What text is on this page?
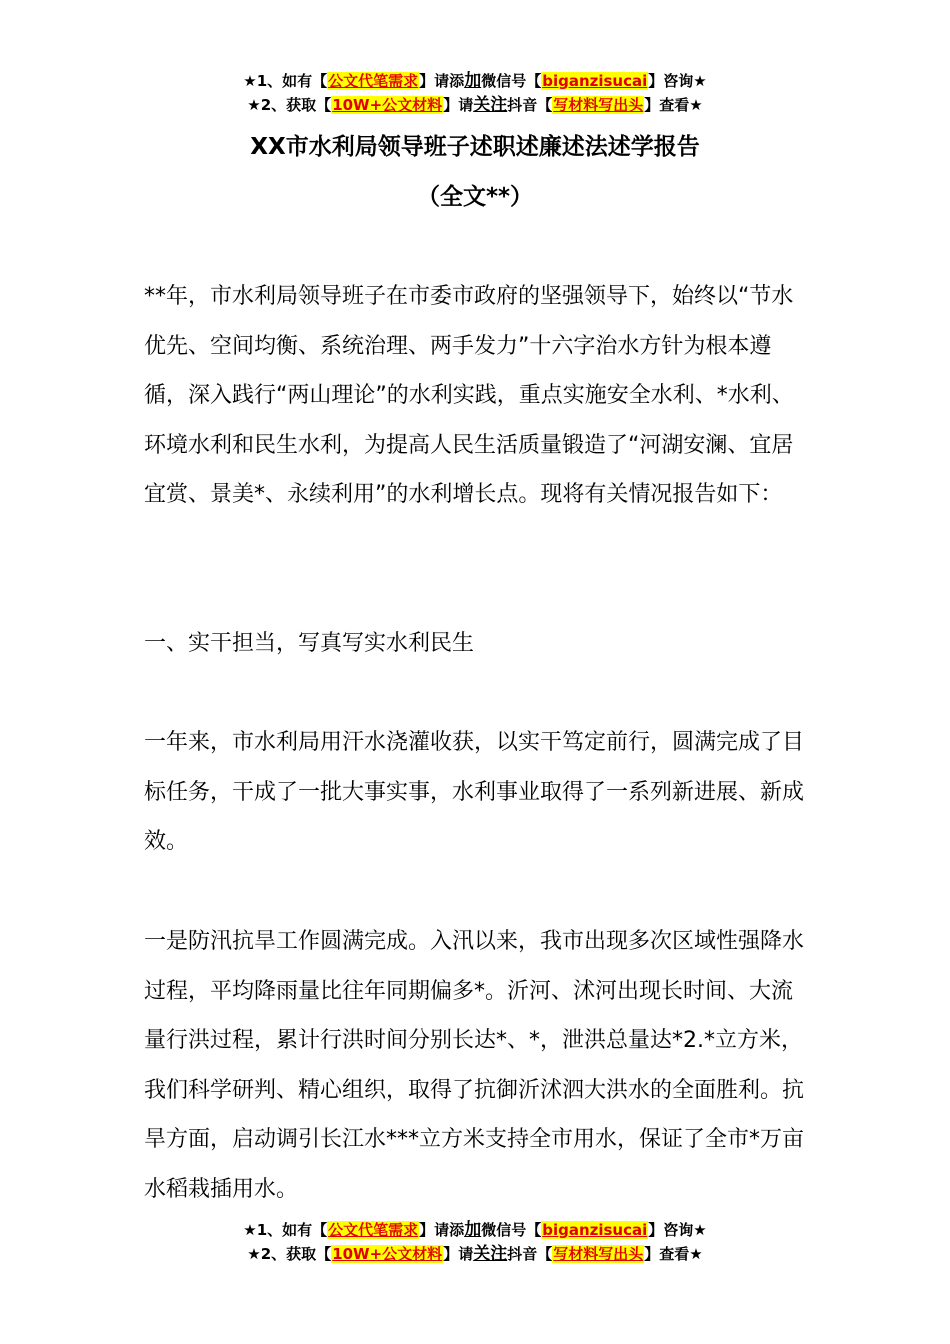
★1、如有【公文代笔需求】请添加微信号【biganzisucai】咨询★
★2、获取【10W+公文材料】请关注抖音【写材料写出头】查看★
XX市水利局领导班子述职述廉述法述学报告
（全文**）

**年，市水利局领导班子在市委市政府的坚强领导下，始终以“节水优先、空间均衡、系统治理、两手发力”十六字治水方针为根本遵循，深入践行“两山理论”的水利实践，重点实施安全水利、*水利、环境水利和民生水利，为提高人民生活质量锻造了“河湖安澜、宜居宜赏、景美*、永续利用”的水利增长点。现将有关情况报告如下：

一、实干担当，写真写实水利民生

一年来，市水利局用汗水浇灌收获，以实干笃定前行，圆满完成了目标任务，干成了一批大事实事，水利事业取得了一系列新进展、新成效。

一是防汛抗旱工作圆满完成。入汛以来，我市出现多次区域性强降水过程，平均降雨量比往年同期偏多*。沂河、沭河出现长时间、大流量行洪过程，累计行洪时间分别长达*、*，泄洪总量达*2.*立方米，我们科学研判、精心组织，取得了抗御沂沭泗大洪水的全面胜利。抗旱方面，启动调引长江水***立方米支持全市用水，保证了全市*万亩水稻栽插用水。

★1、如有【公文代笔需求】请添加微信号【biganzisucai】咨询★
★2、获取【10W+公文材料】请关注抖音【写材料写出头】查看★
